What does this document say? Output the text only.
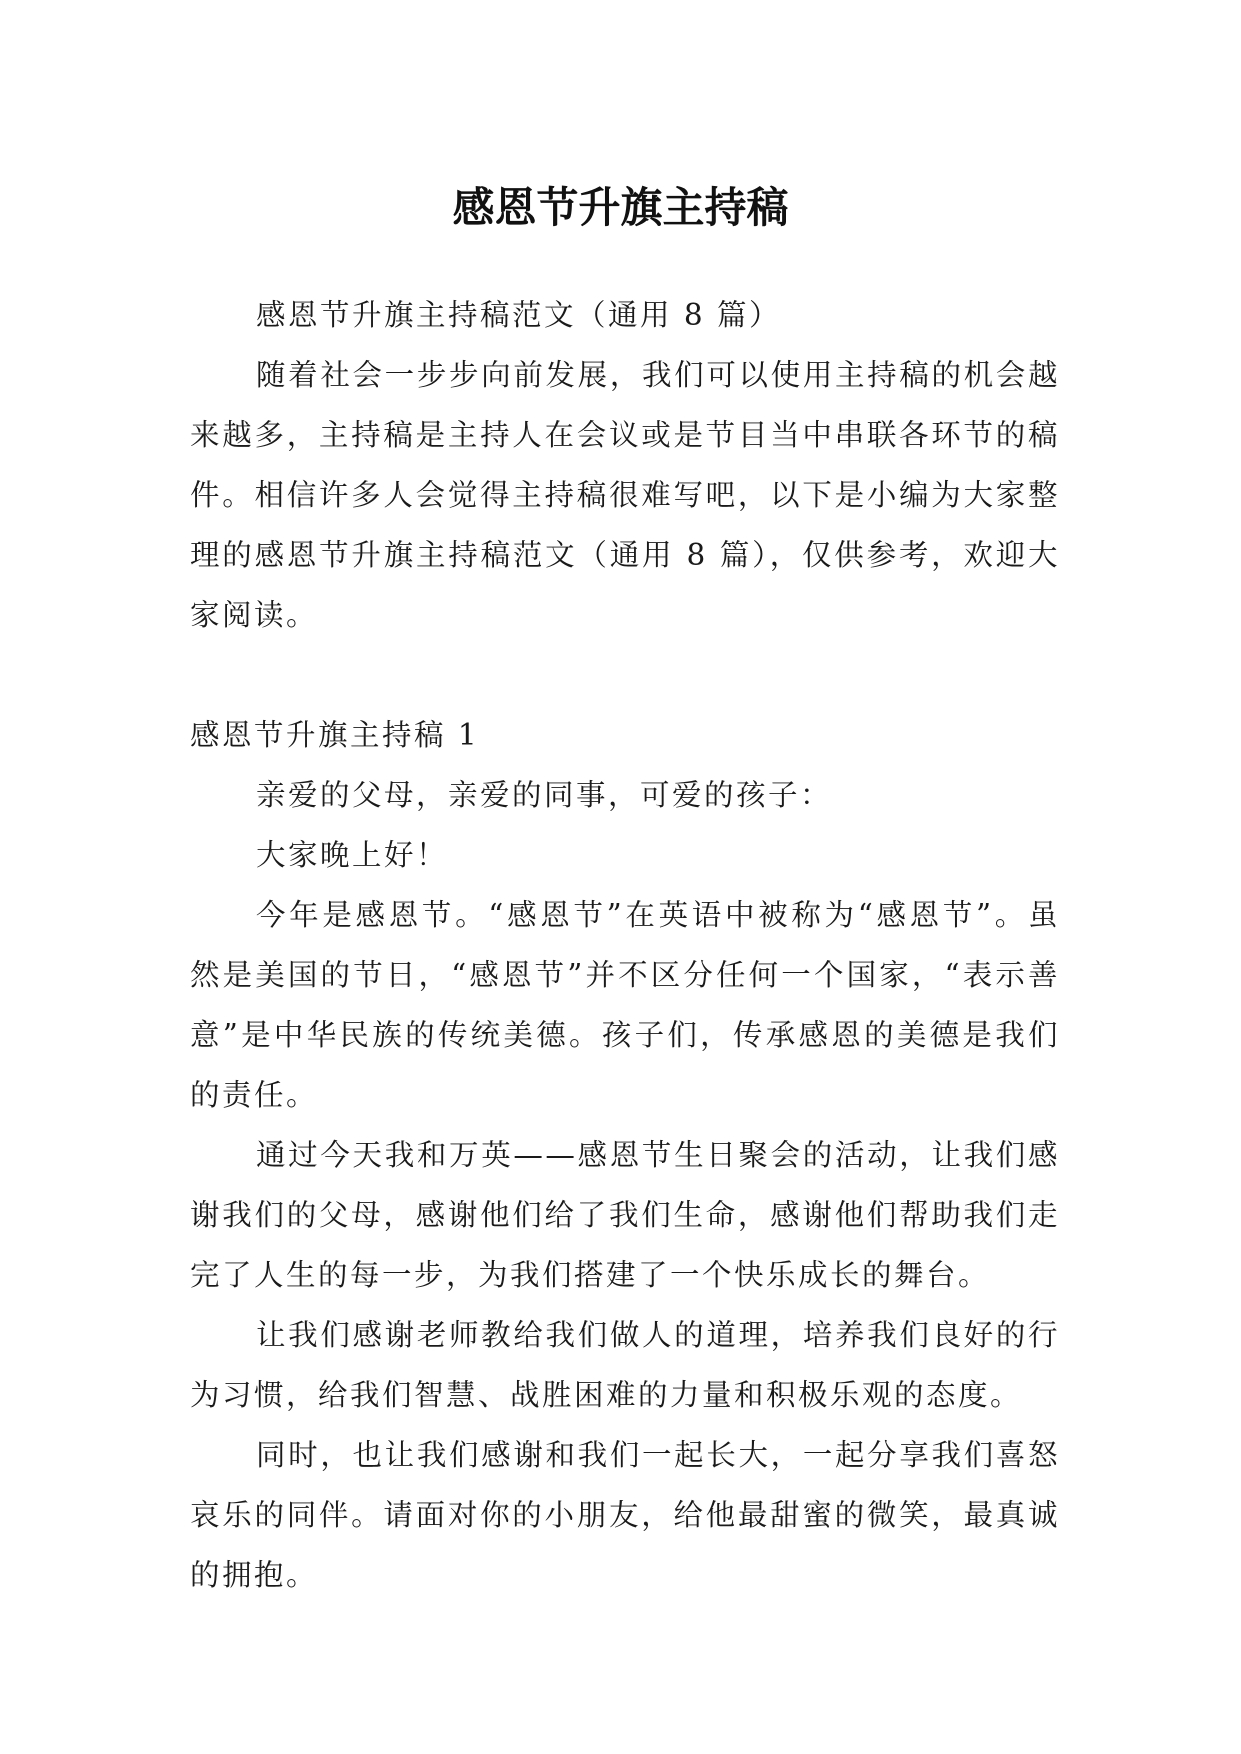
感恩节升旗主持稿

感恩节升旗主持稿范文（通用 8 篇）

随着社会一步步向前发展，我们可以使用主持稿的机会越来越多，主持稿是主持人在会议或是节目当中串联各环节的稿件。相信许多人会觉得主持稿很难写吧，以下是小编为大家整理的感恩节升旗主持稿范文（通用 8 篇），仅供参考，欢迎大家阅读。

感恩节升旗主持稿 1

亲爱的父母，亲爱的同事，可爱的孩子：

大家晚上好！

今年是感恩节。“感恩节”在英语中被称为“感恩节”。虽然是美国的节日，“感恩节”并不区分任何一个国家，“表示善意”是中华民族的传统美德。孩子们，传承感恩的美德是我们的责任。

通过今天我和万英——感恩节生日聚会的活动，让我们感谢我们的父母，感谢他们给了我们生命，感谢他们帮助我们走完了人生的每一步，为我们搭建了一个快乐成长的舞台。

让我们感谢老师教给我们做人的道理，培养我们良好的行为习惯，给我们智慧、战胜困难的力量和积极乐观的态度。

同时，也让我们感谢和我们一起长大，一起分享我们喜怒哀乐的同伴。请面对你的小朋友，给他最甜蜜的微笑，最真诚的拥抱。
